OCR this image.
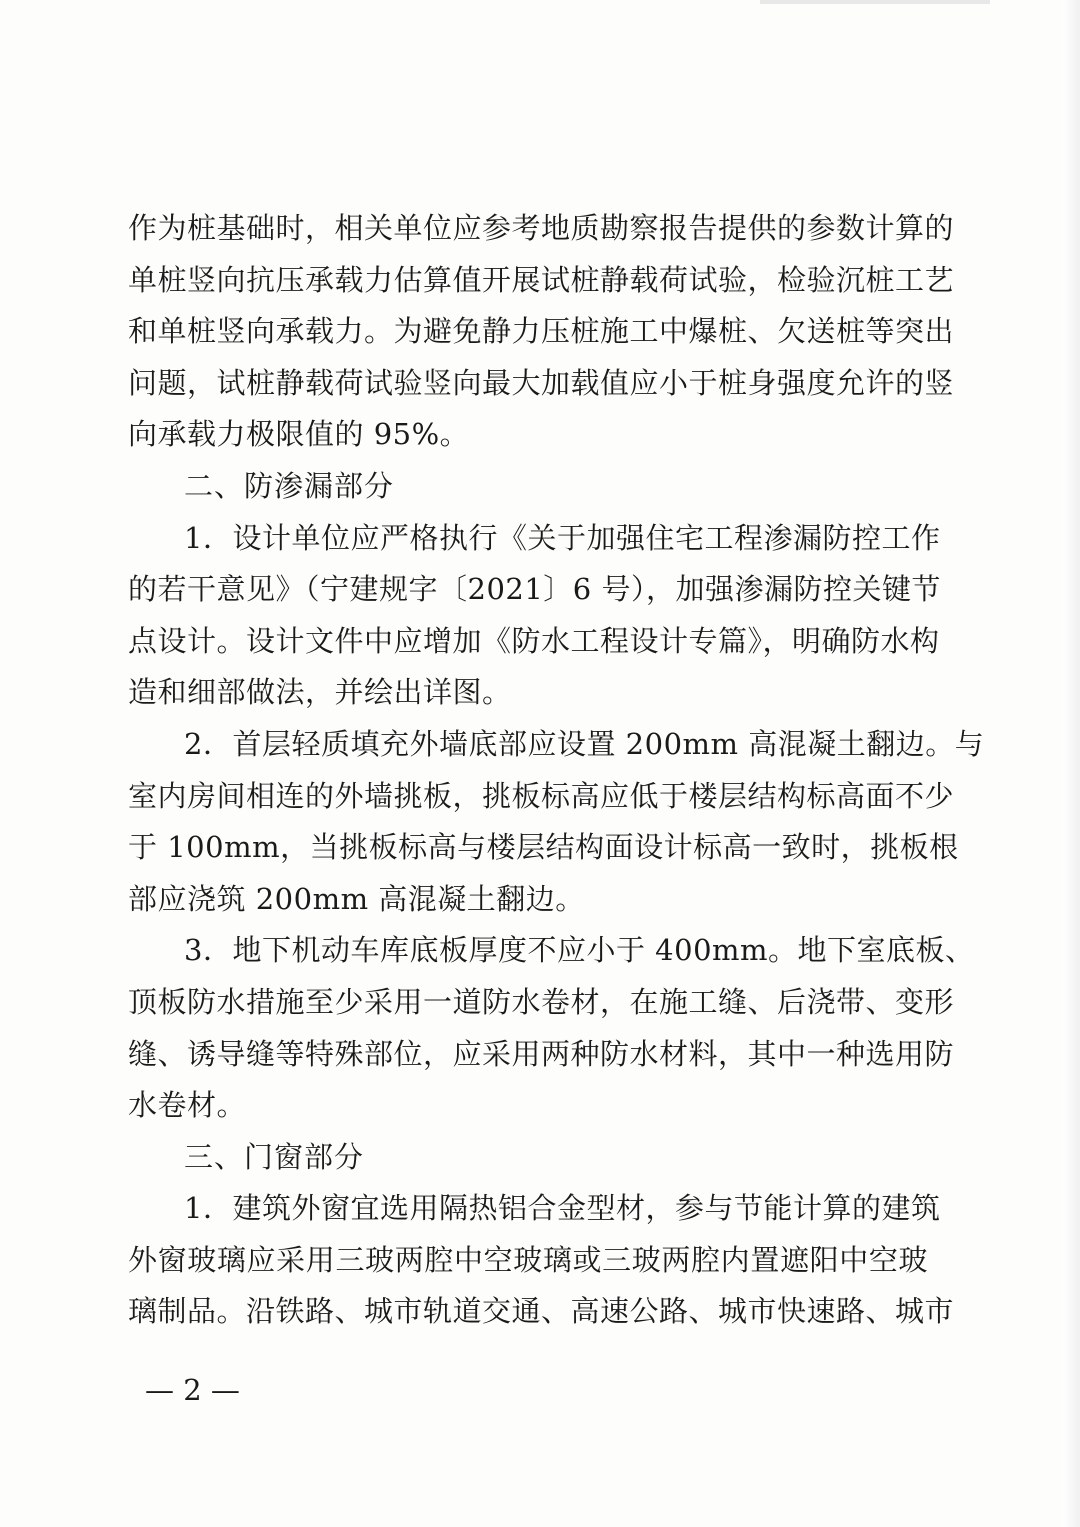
作为桩基础时，相关单位应参考地质勘察报告提供的参数计算的
单桩竖向抗压承载力估算值开展试桩静载荷试验，检验沉桩工艺
和单桩竖向承载力。为避免静力压桩施工中爆桩、欠送桩等突出
问题，试桩静载荷试验竖向最大加载值应小于桩身强度允许的竖
向承载力极限值的 95%。
二、防渗漏部分
1．设计单位应严格执行《关于加强住宅工程渗漏防控工作
的若干意见》（宁建规字〔2021〕6 号），加强渗漏防控关键节
点设计。设计文件中应增加《防水工程设计专篇》，明确防水构
造和细部做法，并绘出详图。
2．首层轻质填充外墙底部应设置 200mm 高混凝土翻边。与
室内房间相连的外墙挑板，挑板标高应低于楼层结构标高面不少
于 100mm，当挑板标高与楼层结构面设计标高一致时，挑板根
部应浇筑 200mm 高混凝土翻边。
3．地下机动车库底板厚度不应小于 400mm。地下室底板、
顶板防水措施至少采用一道防水卷材，在施工缝、后浇带、变形
缝、诱导缝等特殊部位，应采用两种防水材料，其中一种选用防
水卷材。
三、门窗部分
1．建筑外窗宜选用隔热铝合金型材，参与节能计算的建筑
外窗玻璃应采用三玻两腔中空玻璃或三玻两腔内置遮阳中空玻
璃制品。沿铁路、城市轨道交通、高速公路、城市快速路、城市
— 2 —
